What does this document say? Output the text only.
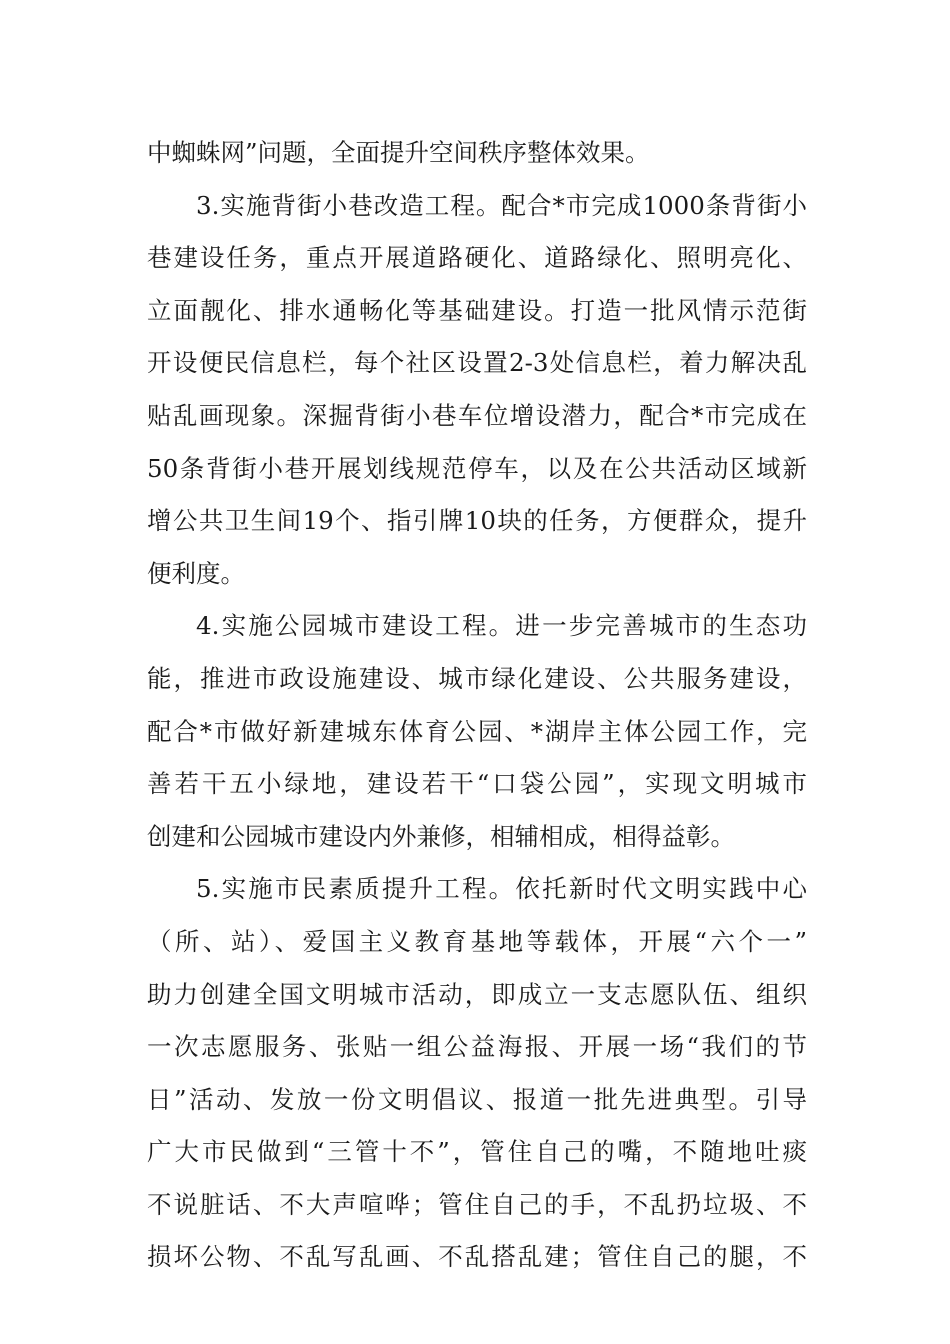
中蜘蛛网”问题，全面提升空间秩序整体效果。
3.实施背街小巷改造工程。配合*市完成1000条背街小
巷建设任务，重点开展道路硬化、道路绿化、照明亮化、
立面靓化、排水通畅化等基础建设。打造一批风情示范街
开设便民信息栏，每个社区设置2-3处信息栏，着力解决乱
贴乱画现象。深掘背街小巷车位增设潜力，配合*市完成在
50条背街小巷开展划线规范停车，以及在公共活动区域新
增公共卫生间19个、指引牌10块的任务，方便群众，提升
便利度。
4.实施公园城市建设工程。进一步完善城市的生态功
能，推进市政设施建设、城市绿化建设、公共服务建设，
配合*市做好新建城东体育公园、*湖岸主体公园工作，完
善若干五小绿地，建设若干“口袋公园”，实现文明城市
创建和公园城市建设内外兼修，相辅相成，相得益彰。
5.实施市民素质提升工程。依托新时代文明实践中心
（所、站）、爱国主义教育基地等载体，开展“六个一”
助力创建全国文明城市活动，即成立一支志愿队伍、组织
一次志愿服务、张贴一组公益海报、开展一场“我们的节
日”活动、发放一份文明倡议、报道一批先进典型。引导
广大市民做到“三管十不”，管住自己的嘴，不随地吐痰
不说脏话、不大声喧哗；管住自己的手，不乱扔垃圾、不
损坏公物、不乱写乱画、不乱搭乱建；管住自己的腿，不
